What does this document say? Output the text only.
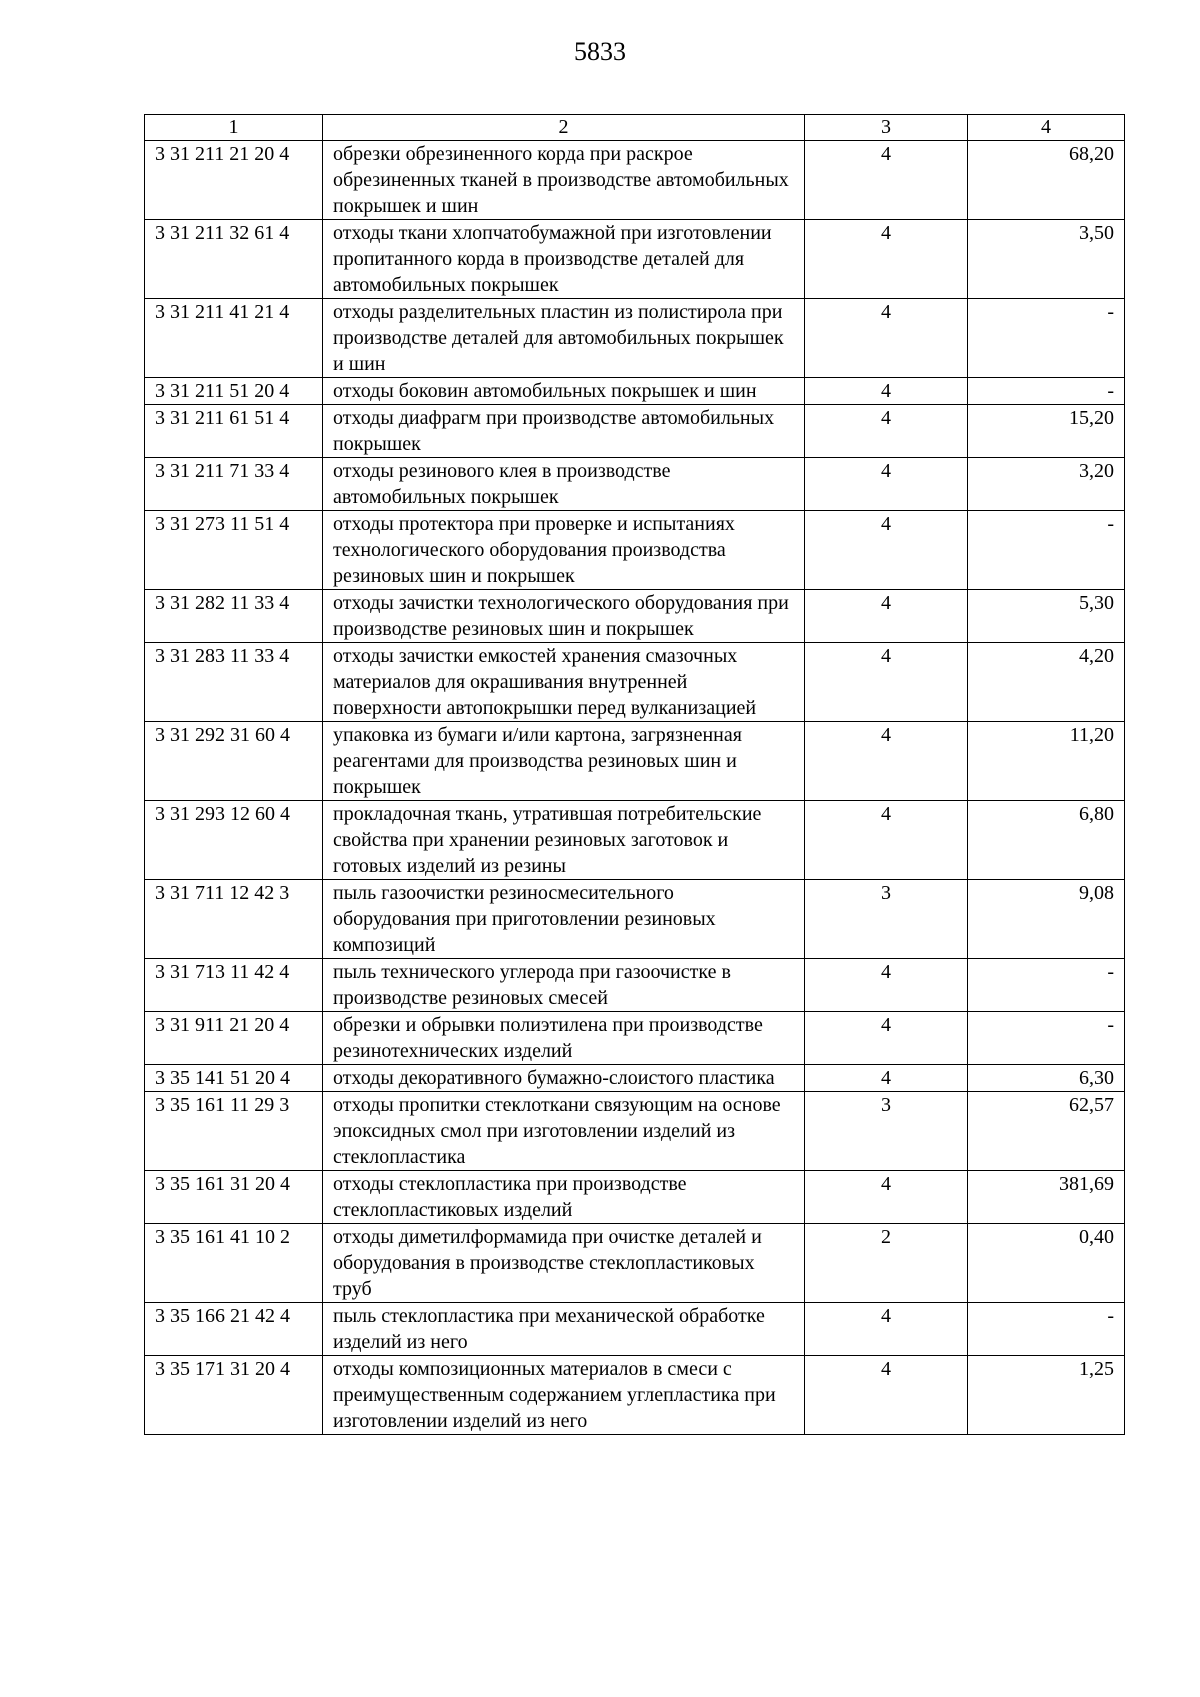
5833
1	2	3	4
3 31 211 21 20 4	обрезки обрезиненного корда при раскрое обрезиненных тканей в производстве автомобильных покрышек и шин	4	68,20
3 31 211 32 61 4	отходы ткани хлопчатобумажной при изготовлении пропитанного корда в производстве деталей для автомобильных покрышек	4	3,50
3 31 211 41 21 4	отходы разделительных пластин из полистирола при производстве деталей для автомобильных покрышек и шин	4	-
3 31 211 51 20 4	отходы боковин автомобильных покрышек и шин	4	-
3 31 211 61 51 4	отходы диафрагм при производстве автомобильных покрышек	4	15,20
3 31 211 71 33 4	отходы резинового клея в производстве автомобильных покрышек	4	3,20
3 31 273 11 51 4	отходы протектора при проверке и испытаниях технологического оборудования производства резиновых шин и покрышек	4	-
3 31 282 11 33 4	отходы зачистки технологического оборудования при производстве резиновых шин и покрышек	4	5,30
3 31 283 11 33 4	отходы зачистки емкостей хранения смазочных материалов для окрашивания внутренней поверхности автопокрышки перед вулканизацией	4	4,20
3 31 292 31 60 4	упаковка из бумаги и/или картона, загрязненная реагентами для производства резиновых шин и покрышек	4	11,20
3 31 293 12 60 4	прокладочная ткань, утратившая потребительские свойства при хранении резиновых заготовок и готовых изделий из резины	4	6,80
3 31 711 12 42 3	пыль газоочистки резиносмесительного оборудования при приготовлении резиновых композиций	3	9,08
3 31 713 11 42 4	пыль технического углерода при газоочистке в производстве резиновых смесей	4	-
3 31 911 21 20 4	обрезки и обрывки полиэтилена при производстве резинотехнических изделий	4	-
3 35 141 51 20 4	отходы декоративного бумажно-слоистого пластика	4	6,30
3 35 161 11 29 3	отходы пропитки стеклоткани связующим на основе эпоксидных смол при изготовлении изделий из стеклопластика	3	62,57
3 35 161 31 20 4	отходы стеклопластика при производстве стеклопластиковых изделий	4	381,69
3 35 161 41 10 2	отходы диметилформамида при очистке деталей и оборудования в производстве стеклопластиковых труб	2	0,40
3 35 166 21 42 4	пыль стеклопластика при механической обработке изделий из него	4	-
3 35 171 31 20 4	отходы композиционных материалов в смеси с преимущественным содержанием углепластика при изготовлении изделий из него	4	1,25
